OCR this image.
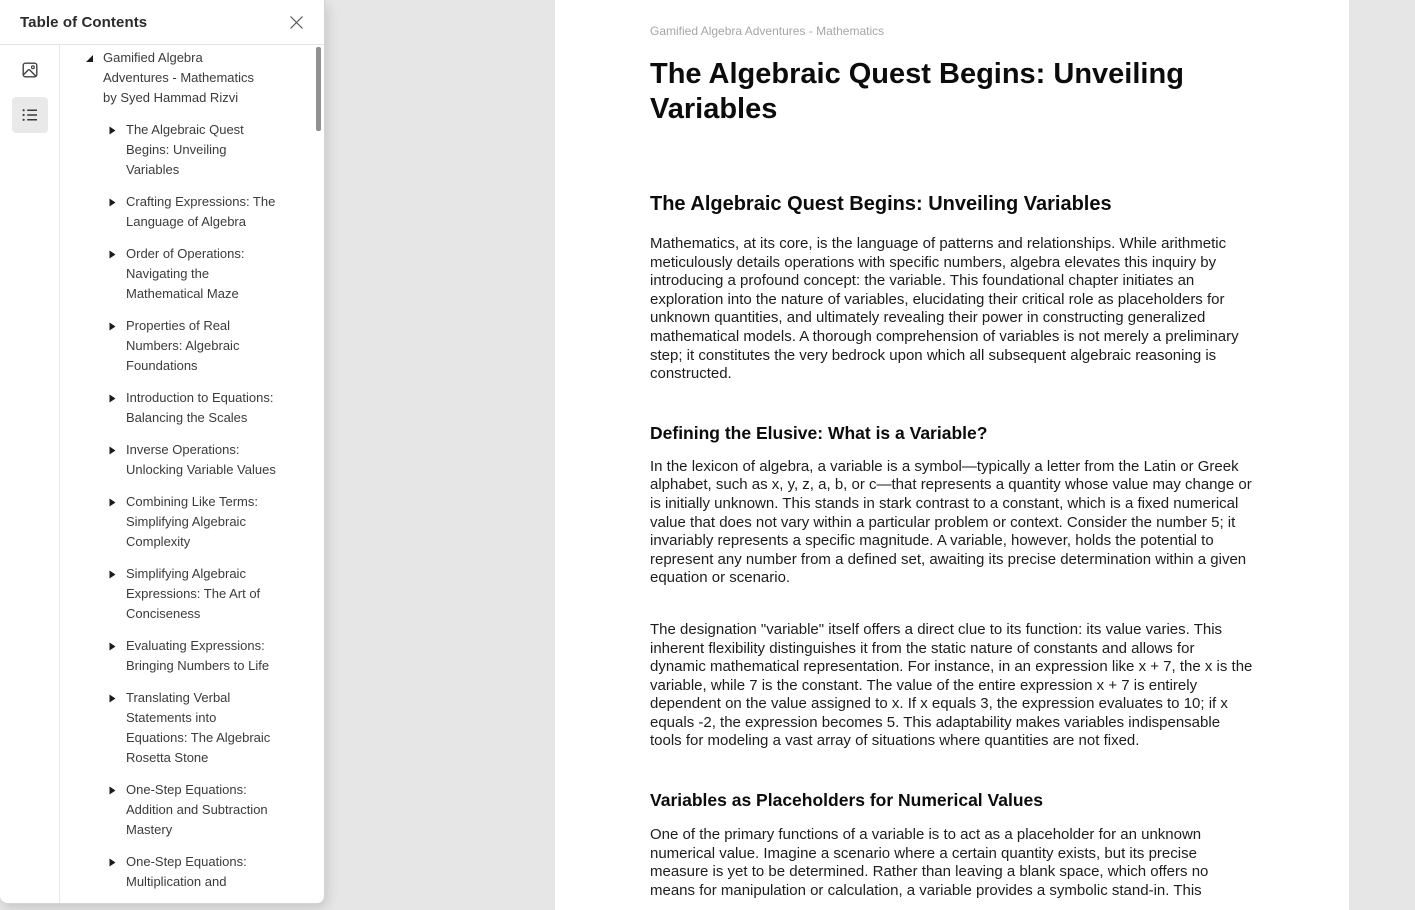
Gamified Algebra Adventures - Mathematics
The Algebraic Quest Begins: Unveiling Variables
The Algebraic Quest Begins: Unveiling Variables

Mathematics, at its core, is the language of patterns and relationships. While arithmetic meticulously details operations with specific numbers, algebra elevates this inquiry by introducing a profound concept: the variable. This foundational chapter initiates an exploration into the nature of variables, elucidating their critical role as placeholders for unknown quantities, and ultimately revealing their power in constructing generalized mathematical models. A thorough comprehension of variables is not merely a preliminary step; it constitutes the very bedrock upon which all subsequent algebraic reasoning is constructed.

Defining the Elusive: What is a Variable?

In the lexicon of algebra, a variable is a symbol—typically a letter from the Latin or Greek alphabet, such as x, y, z, a, b, or c—that represents a quantity whose value may change or is initially unknown. This stands in stark contrast to a constant, which is a fixed numerical value that does not vary within a particular problem or context. Consider the number 5; it invariably represents a specific magnitude. A variable, however, holds the potential to represent any number from a defined set, awaiting its precise determination within a given equation or scenario.

The designation "variable" itself offers a direct clue to its function: its value varies. This inherent flexibility distinguishes it from the static nature of constants and allows for dynamic mathematical representation. For instance, in an expression like x + 7, the x is the variable, while 7 is the constant. The value of the entire expression x + 7 is entirely dependent on the value assigned to x. If x equals 3, the expression evaluates to 10; if x equals -2, the expression becomes 5. This adaptability makes variables indispensable tools for modeling a vast array of situations where quantities are not fixed.

Variables as Placeholders for Numerical Values

One of the primary functions of a variable is to act as a placeholder for an unknown numerical value. Imagine a scenario where a certain quantity exists, but its precise measure is yet to be determined. Rather than leaving a blank space, which offers no means for manipulation or calculation, a variable provides a symbolic stand-in. This

Table of Contents
Gamified Algebra Adventures - Mathematics by Syed Hammad Rizvi
The Algebraic Quest Begins: Unveiling Variables
Crafting Expressions: The Language of Algebra
Order of Operations: Navigating the Mathematical Maze
Properties of Real Numbers: Algebraic Foundations
Introduction to Equations: Balancing the Scales
Inverse Operations: Unlocking Variable Values
Combining Like Terms: Simplifying Algebraic Complexity
Simplifying Algebraic Expressions: The Art of Conciseness
Evaluating Expressions: Bringing Numbers to Life
Translating Verbal Statements into Equations: The Algebraic Rosetta Stone
One-Step Equations: Addition and Subtraction Mastery
One-Step Equations: Multiplication and
